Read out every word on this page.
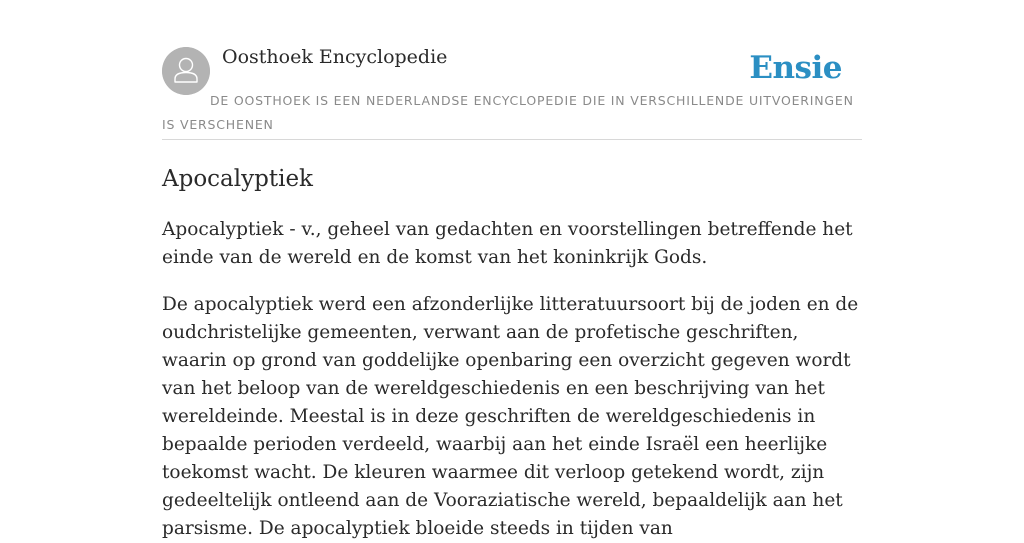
Oosthoek Encyclopedie	Ensie
DE OOSTHOEK IS EEN NEDERLANDSE ENCYCLOPEDIE DIE IN VERSCHILLENDE UITVOERINGEN IS VERSCHENEN
Apocalyptiek

Apocalyptiek - v., geheel van gedachten en voorstellingen betreffende het einde van de wereld en de komst van het koninkrijk Gods.

De apocalyptiek werd een afzonderlijke litteratuursoort bij de joden en de oudchristelijke gemeenten, verwant aan de profetische geschriften, waarin op grond van goddelijke openbaring een overzicht gegeven wordt van het beloop van de wereldgeschiedenis en een beschrijving van het wereldeinde. Meestal is in deze geschriften de wereldgeschiedenis in bepaalde perioden verdeeld, waarbij aan het einde Israël een heerlijke toekomst wacht. De kleuren waarmee dit verloop getekend wordt, zijn gedeeltelijk ontleend aan de Vooraziatische wereld, bepaaldelijk aan het parsisme. De apocalyptiek bloeide steeds in tijden van
